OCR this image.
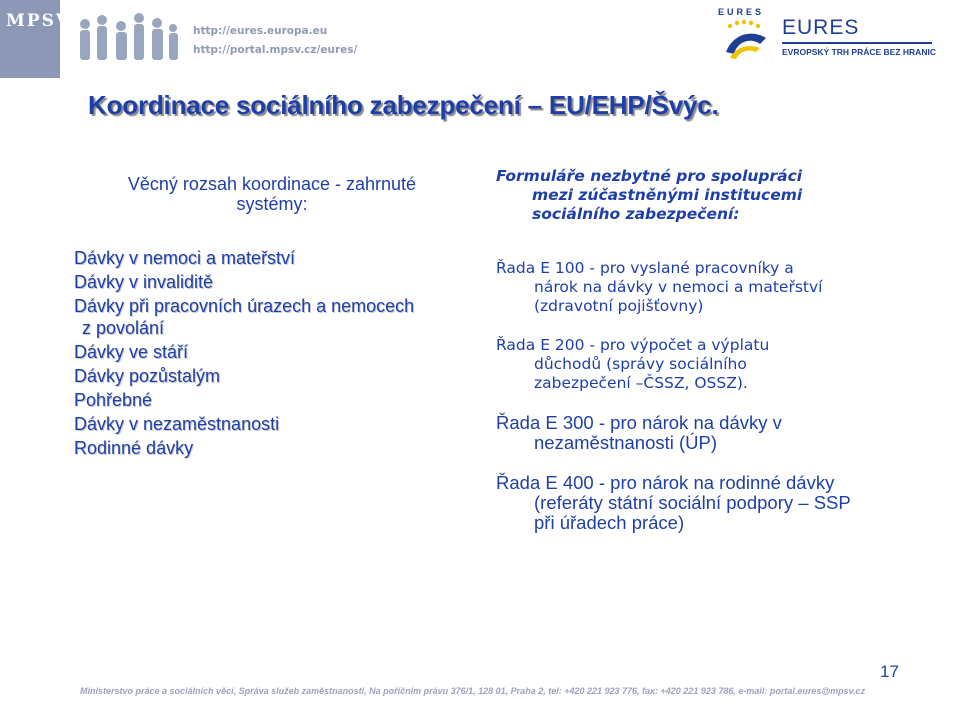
MPSV	http://eures.europa.eu
http://portal.mpsv.cz/eures/
EURES
EURES
EVROPSKÝ TRH PRÁCE BEZ HRANIC
Koordinace sociálního zabezpečení – EU/EHP/Švýc.
Věcný rozsah koordinace - zahrnuté
systémy:
Dávky v nemoci a mateřství
Dávky v invaliditě
Dávky při pracovních úrazech a nemocech
z povolání
Dávky ve stáří
Dávky pozůstalým
Pohřebné
Dávky v nezaměstnanosti
Rodinné dávky
Formuláře nezbytné pro spolupráci
mezi zúčastněnými institucemi
sociálního zabezpečení:
Řada E 100 - pro vyslané pracovníky a
nárok na dávky v nemoci a mateřství
(zdravotní pojišťovny)
Řada E 200 - pro výpočet a výplatu
důchodů (správy sociálního
zabezpečení –ČSSZ, OSSZ).
Řada E 300 - pro nárok na dávky v
nezaměstnanosti (ÚP)
Řada E 400 - pro nárok na rodinné dávky
(referáty státní sociální podpory – SSP
při úřadech práce)
17
Ministerstvo práce a sociálních věcí, Správa služeb zaměstnanosti, Na poříčním právu 376/1, 128 01, Praha 2, tel: +420 221 923 776, fax: +420 221 923 786, e-mail: portal.eures@mpsv.cz
